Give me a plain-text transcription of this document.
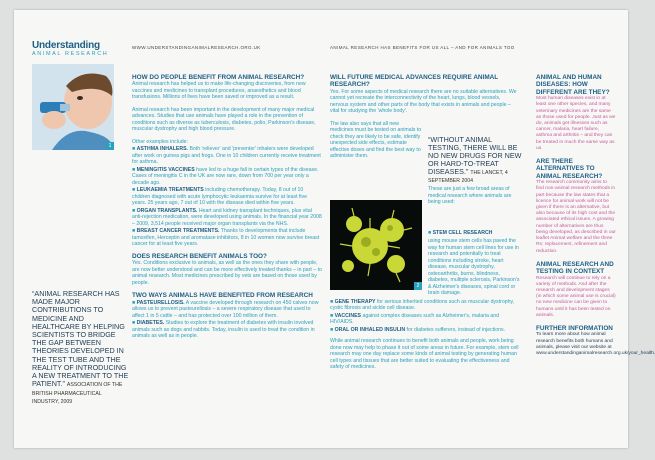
Understanding
ANIMAL RESEARCH
WWW.UNDERSTANDINGANIMALRESEARCH.ORG.UK	ANIMAL RESEARCH HAS BENEFITS FOR US ALL – AND FOR ANIMALS TOO
1
“ANIMAL RESEARCH HAS MADE MAJOR CONTRIBUTIONS TO MEDICINE AND HEALTHCARE BY HELPING SCIENTISTS TO BRIDGE THE GAP BETWEEN THEORIES DEVELOPED IN THE TEST TUBE AND THE REALITY OF INTRODUCING A NEW TREATMENT TO THE PATIENT.” ASSOCIATION OF THE BRITISH PHARMACEUTICAL INDUSTRY, 2009
HOW DO PEOPLE BENEFIT FROM ANIMAL RESEARCH?

Animal research has helped us to make life-changing discoveries, from new vaccines and medicines to transplant procedures, anaesthetics and blood transfusions. Millions of lives have been saved or improved as a result.

Animal research has been important in the development of many major medical advances. Studies that use animals have played a role in the prevention of conditions such as diverse as tuberculosis, diabetes, polio, Parkinson's disease, muscular dystrophy and high blood pressure.

Other examples include:

■ ASTHMA INHALERS. Both 'reliever' and 'preventer' inhalers were developed after work on guinea pigs and frogs. One in 10 children currently receive treatment for asthma.
■ MENINGITIS VACCINES have led to a huge fall in certain types of the disease. Cases of meningitis C in the UK are now rare, down from 700 per year only a decade ago.
■ LEUKAEMIA TREATMENTS including chemotherapy. Today, 8 out of 10 children diagnosed with acute lymphocytic leukaemia survive for at least five years. 25 years ago, 7 out of 10 with the disease died within five years.
■ ORGAN TRANSPLANTS. Heart and kidney transplant techniques, plus vital anti-rejection medication, were developed using animals. In the financial year 2008 – 2009, 3,514 people received major organ transplants via the NHS.
■ BREAST CANCER TREATMENTS. Thanks to developments that include tamoxifen, Herceptin and aromatase inhibitors, 8 in 10 women now survive breast cancer for at least five years.
DOES RESEARCH BENEFIT ANIMALS TOO?

Yes. Conditions exclusive to animals, as well as the ones they share with people, are now better understood and can be more effectively treated thanks – in part – to animal research. Most medicines prescribed by vets are based on those used by people.

TWO WAYS ANIMALS HAVE BENEFITED FROM RESEARCH
■ PASTEURELLOSIS. A vaccine developed through research on 450 calves now allows us to prevent pasteurellosis – a severe respiratory disease that used to affect 1 in 5 cattle – and has protected over 100 million of them.
■ DIABETES. Studies to explore the treatment of diabetes with insulin involved animals such as dogs and rabbits. Today, insulin is used to treat the condition in animals as well as in people.
WILL FUTURE MEDICAL ADVANCES REQUIRE ANIMAL RESEARCH?

Yes. For some aspects of medical research there are no suitable alternatives. We cannot yet recreate the interconnectivity of the heart, lungs, blood vessels, nervous system and other parts of the body that exists in animals and people – vital for studying the 'whole body'.

The law also says that all new medicines must be tested on animals to check they are likely to be safe, identify unexpected side effects, estimate effective doses and find the best way to administer them.

“WITHOUT ANIMAL TESTING, THERE WILL BE NO NEW DRUGS FOR NEW OR HARD-TO-TREAT DISEASES.” THE LANCET, 4 SEPTEMBER 2004
These are just a few broad areas of medical research where animals are being used:
2
■ STEM CELL RESEARCH
using mouse stem cells has paved the way for human stem cell lines for use in research and potentially to treat conditions including stroke, heart disease, muscular dystrophy, osteoarthritis, burns, blindness, diabetes, multiple sclerosis, Parkinson's & Alzheimer's diseases, spinal cord or brain damage.
■ GENE THERAPY for serious inherited conditions such as muscular dystrophy, cystic fibrosis and sickle cell disease.
■ VACCINES against complex diseases such as Alzheimer's, malaria and HIV/AIDS.
■ ORAL OR INHALED INSULIN for diabetes sufferers, instead of injections.

While animal research continues to benefit both animals and people, work being done now may help to phase it out of some areas in future. For example, stem cell research may one day replace some kinds of animal testing by generating human cell types and tissues that are better suited to evaluating the effectiveness and safety of medicines.

ANIMAL AND HUMAN DISEASES: HOW DIFFERENT ARE THEY?

Most human diseases exist in at least one other species, and many veterinary medicines are the same as those used for people. Just as we do, animals get illnesses such as cancer, malaria, heart failure, asthma and arthritis – and they can be treated in much the same way as us.

ARE THERE ALTERNATIVES TO ANIMAL RESEARCH?

The research community aims to find non-animal research methods in part because the law states that a licence for animal work will not be given if there is an alternative, but also because of its high cost and the associated ethical issues. A growing number of alternatives are thus being developed, as described in our leaflet Animal welfare and the three Rs: replacement, refinement and reduction.

ANIMAL RESEARCH AND TESTING IN CONTEXT

Research will continue to rely on a variety of methods. And after the research and development stages (in which some animal use is crucial) no new medicine can be given to humans until it has been tested on animals.

FURTHER INFORMATION

To learn more about how animal research benefits both humans and animals, please visit our website at www.understandinganimalresearch.org.uk/your_health.
